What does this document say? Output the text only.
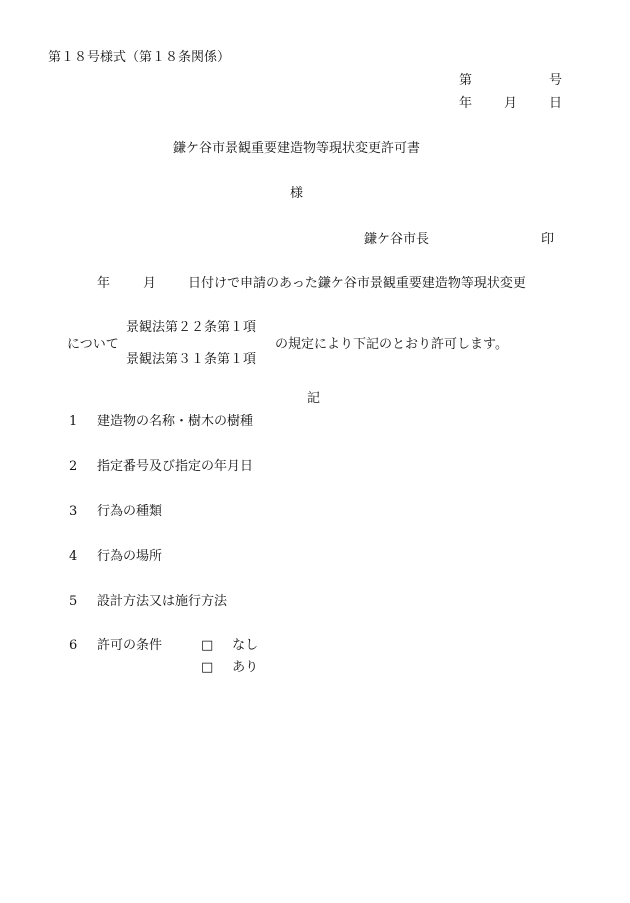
第１８号様式（第１８条関係）
第	号
年 月 日
鎌ケ谷市景観重要建造物等現状変更許可書
様
鎌ケ谷市長	印
年	月 日付けで申請のあった鎌ケ谷市景観重要建造物等現状変更
景観法第２２条第１項
について	の規定により下記のとおり許可します。
景観法第３１条第１項
記
1 建造物の名称・樹木の樹種
2 指定番号及び指定の年月日
3 行為の種類
4 行為の場所
5 設計方法又は施行方法
6 許可の条件	□ なし
□ あり
